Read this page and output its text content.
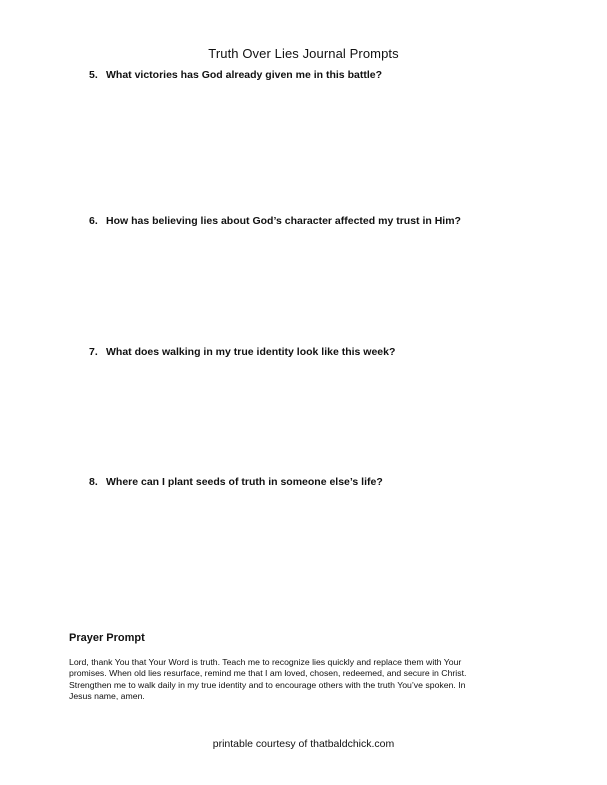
Truth Over Lies Journal Prompts
5. What victories has God already given me in this battle?
6. How has believing lies about God’s character affected my trust in Him?
7. What does walking in my true identity look like this week?
8. Where can I plant seeds of truth in someone else’s life?
Prayer Prompt
Lord, thank You that Your Word is truth. Teach me to recognize lies quickly and replace them with Your
promises. When old lies resurface, remind me that I am loved, chosen, redeemed, and secure in Christ.
Strengthen me to walk daily in my true identity and to encourage others with the truth You’ve spoken. In
Jesus name, amen.
printable courtesy of thatbaldchick.com
